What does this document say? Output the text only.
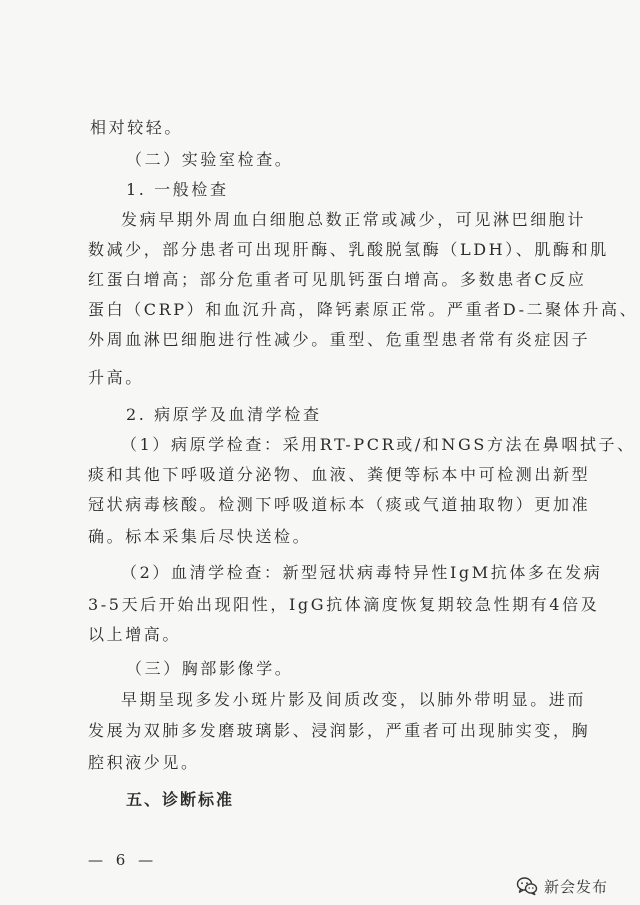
相对较轻。
（二）实验室检查。
1. 一般检查
发病早期外周血白细胞总数正常或减少，可见淋巴细胞计
数减少，部分患者可出现肝酶、乳酸脱氢酶（LDH）、肌酶和肌
红蛋白增高；部分危重者可见肌钙蛋白增高。多数患者C反应
蛋白（CRP）和血沉升高，降钙素原正常。严重者D-二聚体升高、
外周血淋巴细胞进行性减少。重型、危重型患者常有炎症因子
升高。
2. 病原学及血清学检查
（1）病原学检查：采用RT-PCR或/和NGS方法在鼻咽拭子、
痰和其他下呼吸道分泌物、血液、粪便等标本中可检测出新型
冠状病毒核酸。检测下呼吸道标本（痰或气道抽取物）更加准
确。标本采集后尽快送检。
（2）血清学检查：新型冠状病毒特异性IgM抗体多在发病
3-5天后开始出现阳性，IgG抗体滴度恢复期较急性期有4倍及
以上增高。
（三）胸部影像学。
早期呈现多发小斑片影及间质改变，以肺外带明显。进而
发展为双肺多发磨玻璃影、浸润影，严重者可出现肺实变，胸
腔积液少见。
五、诊断标准
— 6 —
新会发布
